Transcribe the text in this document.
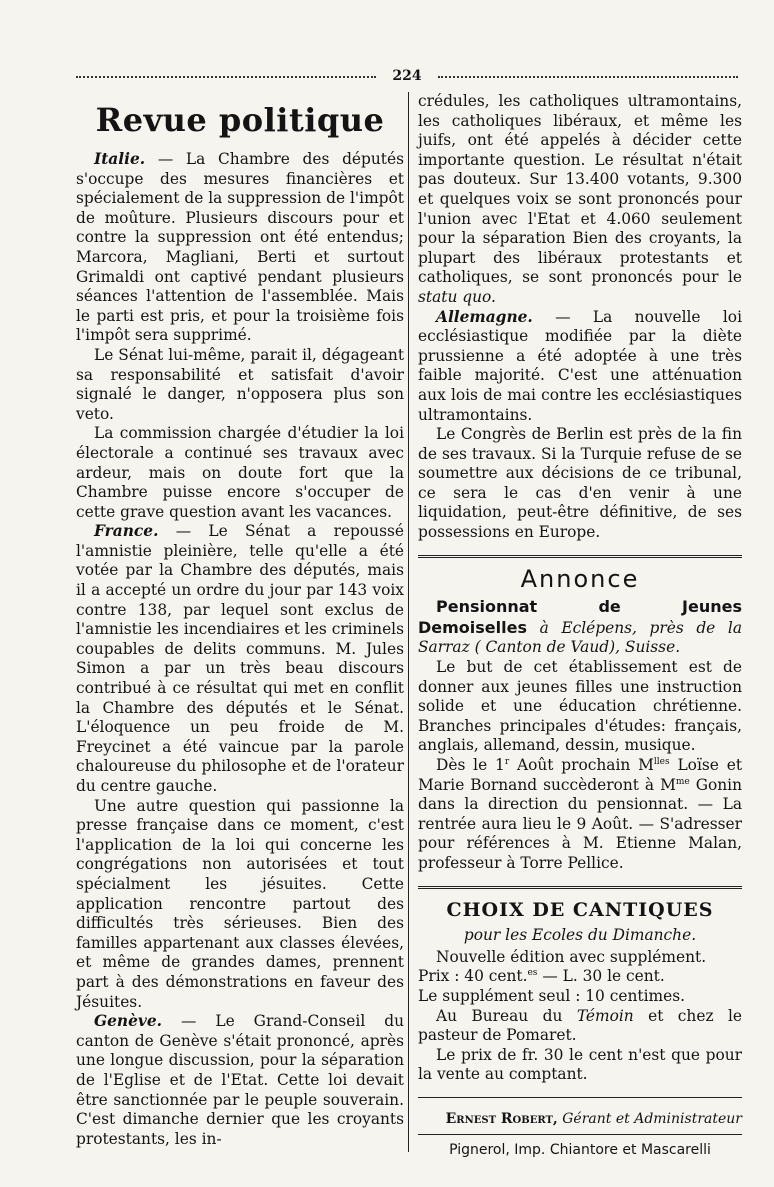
224
Revue politique

Italie. — La Chambre des députés s'occupe des mesures financières et spécialement de la suppression de l'impôt de moûture. Plusieurs discours pour et contre la suppression ont été entendus; Marcora, Magliani, Berti et surtout Grimaldi ont captivé pendant plusieurs séances l'attention de l'assemblée. Mais le parti est pris, et pour la troisième fois l'impôt sera supprimé.

Le Sénat lui-même, parait il, dégageant sa responsabilité et satisfait d'avoir signalé le danger, n'opposera plus son veto.

La commission chargée d'étudier la loi électorale a continué ses travaux avec ardeur, mais on doute fort que la Chambre puisse encore s'occuper de cette grave question avant les vacances.

France. — Le Sénat a repoussé l'amnistie pleinière, telle qu'elle a été votée par la Chambre des députés, mais il a accepté un ordre du jour par 143 voix contre 138, par lequel sont exclus de l'amnistie les incendiaires et les criminels coupables de delits communs. M. Jules Simon a par un très beau discours contribué à ce résultat qui met en conflit la Chambre des députés et le Sénat. L'éloquence un peu froide de M. Freycinet a été vaincue par la parole chaloureuse du philosophe et de l'orateur du centre gauche.

Une autre question qui passionne la presse française dans ce moment, c'est l'application de la loi qui concerne les congrégations non autorisées et tout spécialment les jésuites. Cette application rencontre partout des difficultés très sérieuses. Bien des familles appartenant aux classes élevées, et même de grandes dames, prennent part à des démonstrations en faveur des Jésuites.

Genève. — Le Grand-Conseil du canton de Genève s'était prononcé, après une longue discussion, pour la séparation de l'Eglise et de l'Etat. Cette loi devait être sanctionnée par le peuple souverain. C'est dimanche dernier que les croyants protestants, les in-

crédules, les catholiques ultramontains, les catholiques libéraux, et même les juifs, ont été appelés à décider cette importante question. Le résultat n'était pas douteux. Sur 13.400 votants, 9.300 et quelques voix se sont prononcés pour l'union avec l'Etat et 4.060 seulement pour la séparation Bien des croyants, la plupart des libéraux protestants et catholiques, se sont prononcés pour le statu quo.

Allemagne. — La nouvelle loi ecclésiastique modifiée par la diète prussienne a été adoptée à une très faible majorité. C'est une atténuation aux lois de mai contre les ecclésiastiques ultramontains.

Le Congrès de Berlin est près de la fin de ses travaux. Si la Turquie refuse de se soumettre aux décisions de ce tribunal, ce sera le cas d'en venir à une liquidation, peut-être définitive, de ses possessions en Europe.

Annonce

Pensionnat de Jeunes Demoiselles à Eclépens, près de la Sarraz ( Canton de Vaud), Suisse.

Le but de cet établissement est de donner aux jeunes filles une instruction solide et une éducation chrétienne. Branches principales d'études: français, anglais, allemand, dessin, musique.

Dès le 1$^r$ Août prochain $M^{lles}$ Loïse et Marie Bornand succèderont à $M^{me}$ Gonin dans la direction du pensionnat. — La rentrée aura lieu le 9 Août. — S'adresser pour références à M. Etienne Malan, professeur à Torre Pellice.

CHOIX DE CANTIQUES
pour les Ecoles du Dimanche.

Nouvelle édition avec supplément.

Prix : 40 cent.$^{es}$ — L. 30 le cent.

Le supplément seul : 10 centimes.

Au Bureau du Témoin et chez le pasteur de Pomaret.

Le prix de fr. 30 le cent n'est que pour la vente au comptant.

Ernest Robert, Gérant et Administrateur
Pignerol, Imp. Chiantore et Mascarelli
